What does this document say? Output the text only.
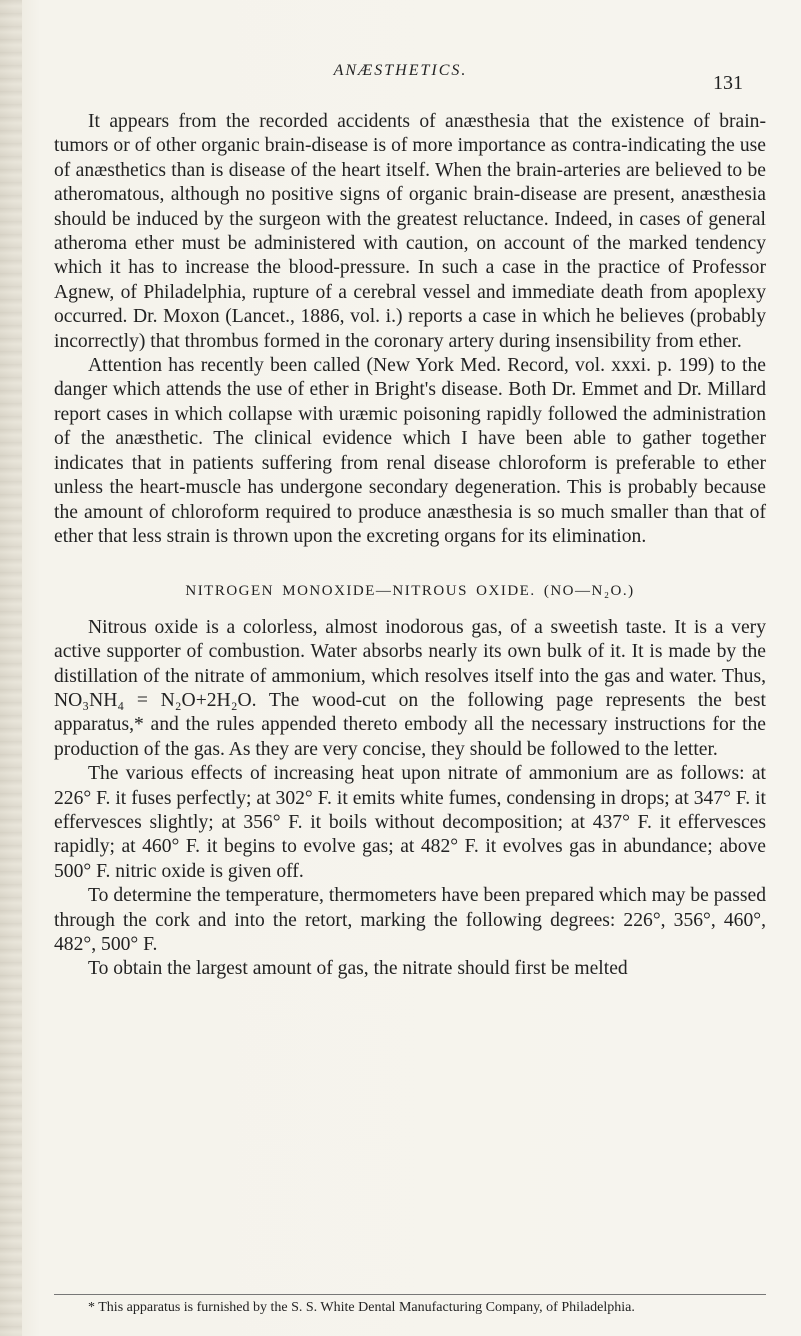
ANÆSTHETICS.
131

It appears from the recorded accidents of anæsthesia that the existence of brain-tumors or of other organic brain-disease is of more importance as contra-indicating the use of anæsthetics than is disease of the heart itself. When the brain-arteries are believed to be atheromatous, although no positive signs of organic brain-disease are present, anæsthesia should be induced by the surgeon with the greatest reluctance. Indeed, in cases of general atheroma ether must be administered with caution, on account of the marked tendency which it has to increase the blood-pressure. In such a case in the practice of Professor Agnew, of Philadelphia, rupture of a cerebral vessel and immediate death from apoplexy occurred. Dr. Moxon (Lancet., 1886, vol. i.) reports a case in which he believes (probably incorrectly) that thrombus formed in the coronary artery during insensibility from ether.

Attention has recently been called (New York Med. Record, vol. xxxi. p. 199) to the danger which attends the use of ether in Bright's disease. Both Dr. Emmet and Dr. Millard report cases in which collapse with uræmic poisoning rapidly followed the administration of the anæsthetic. The clinical evidence which I have been able to gather together indicates that in patients suffering from renal disease chloroform is preferable to ether unless the heart-muscle has undergone secondary degeneration. This is probably because the amount of chloroform required to produce anæsthesia is so much smaller than that of ether that less strain is thrown upon the excreting organs for its elimination.

NITROGEN MONOXIDE—NITROUS OXIDE. (NO—N₂O.)

Nitrous oxide is a colorless, almost inodorous gas, of a sweetish taste. It is a very active supporter of combustion. Water absorbs nearly its own bulk of it. It is made by the distillation of the nitrate of ammonium, which resolves itself into the gas and water. Thus, NO₃NH₄ = N₂O+2H₂O. The wood-cut on the following page represents the best apparatus,* and the rules appended thereto embody all the necessary instructions for the production of the gas. As they are very concise, they should be followed to the letter.

The various effects of increasing heat upon nitrate of ammonium are as follows: at 226° F. it fuses perfectly; at 302° F. it emits white fumes, condensing in drops; at 347° F. it effervesces slightly; at 356° F. it boils without decomposition; at 437° F. it effervesces rapidly; at 460° F. it begins to evolve gas; at 482° F. it evolves gas in abundance; above 500° F. nitric oxide is given off.

To determine the temperature, thermometers have been prepared which may be passed through the cork and into the retort, marking the following degrees: 226°, 356°, 460°, 482°, 500° F.

To obtain the largest amount of gas, the nitrate should first be melted

* This apparatus is furnished by the S. S. White Dental Manufacturing Company, of Philadelphia.
